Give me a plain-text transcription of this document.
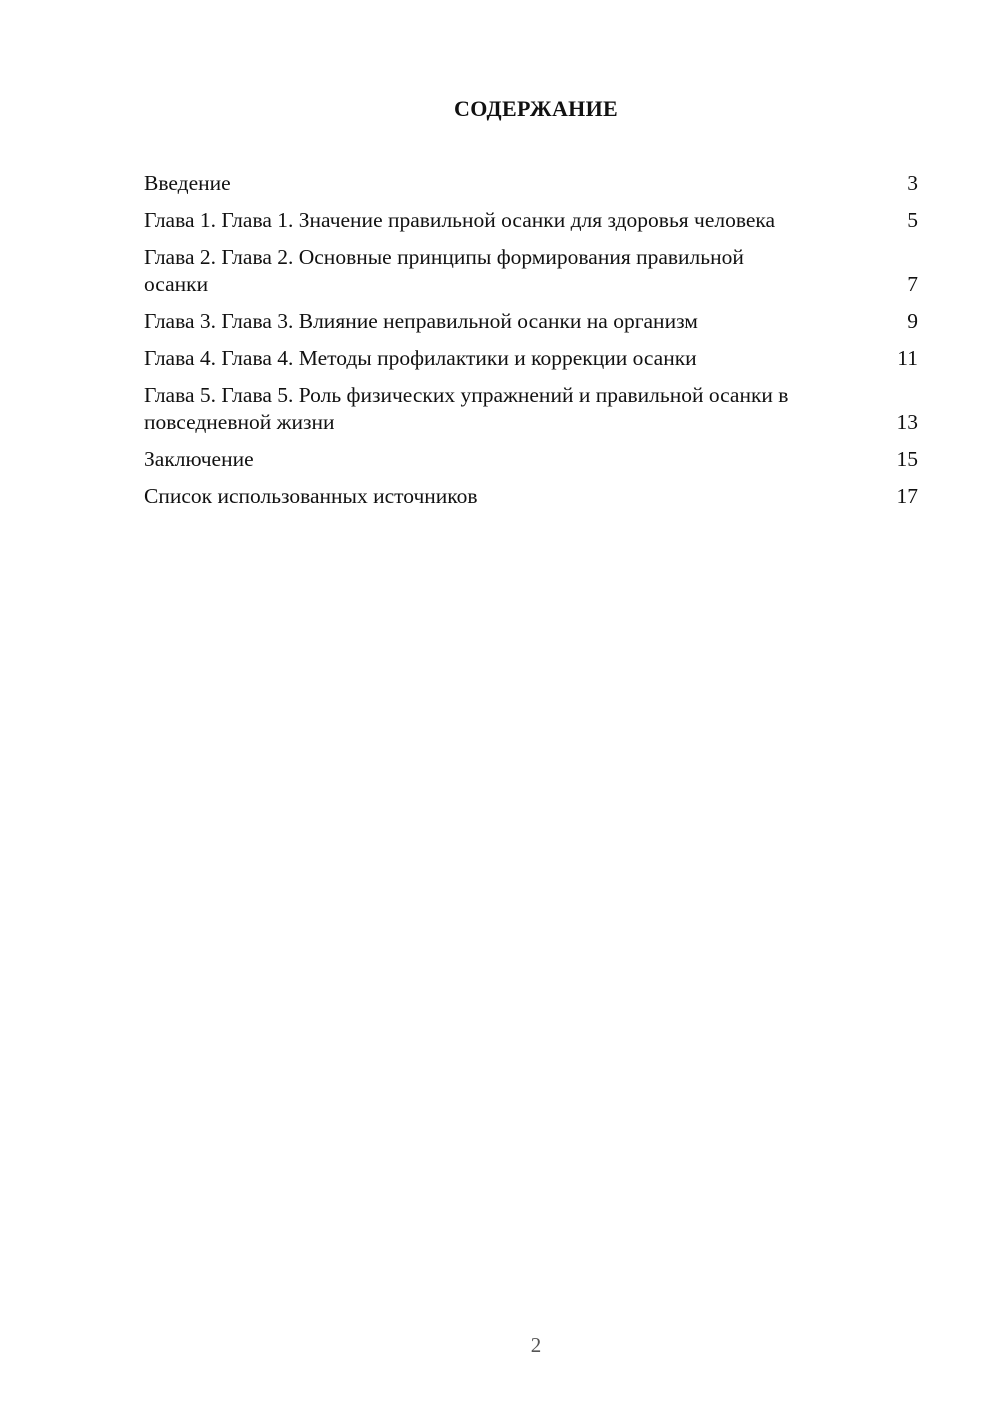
СОДЕРЖАНИЕ
Введение	3
Глава 1. Глава 1. Значение правильной осанки для здоровья человека	5
Глава 2. Глава 2. Основные принципы формирования правильной осанки	7
Глава 3. Глава 3. Влияние неправильной осанки на организм	9
Глава 4. Глава 4. Методы профилактики и коррекции осанки	11
Глава 5. Глава 5. Роль физических упражнений и правильной осанки в повседневной жизни	13
Заключение	15
Список использованных источников	17
2
